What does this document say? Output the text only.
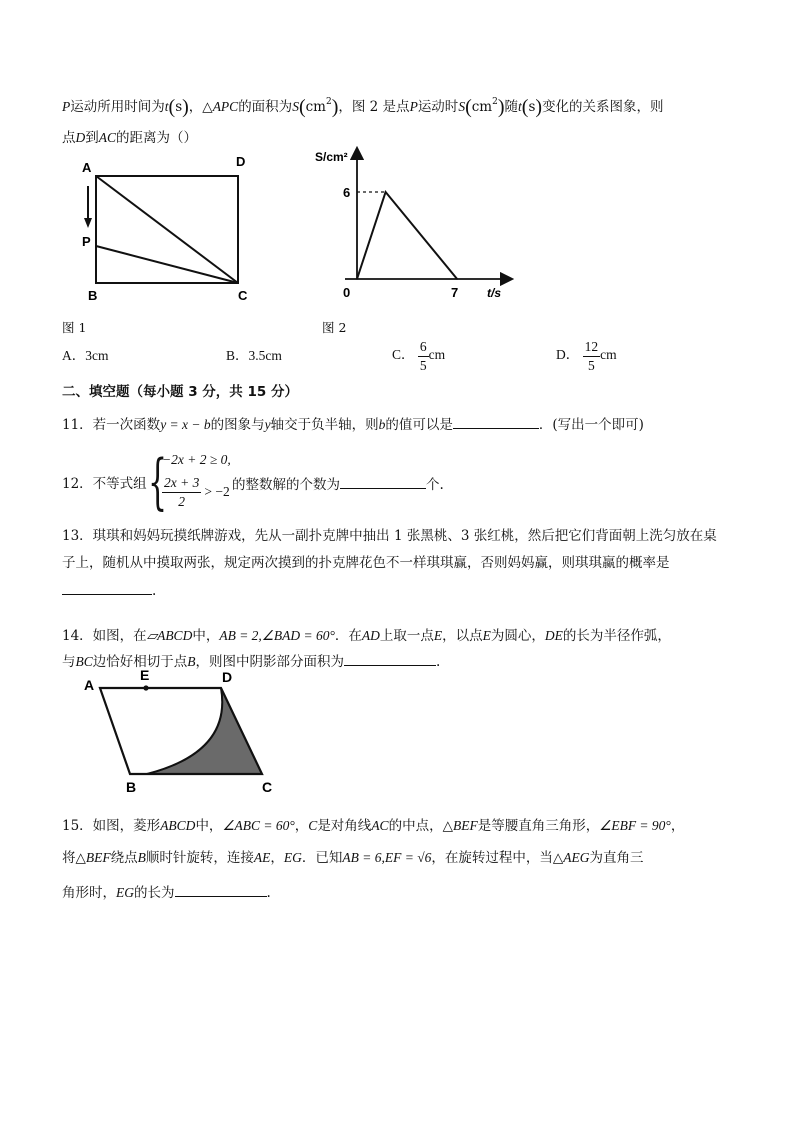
P运动所用时间为t(s)，△APC的面积为$S(cm^2)$，图 2 是点P运动时$S(cm^2)$随t(s)变化的关系图象，则
点D到AC的距离为（）
A	D
P
B	C
图 1
S/cm²
t/s
0
6
7
图 2
A．3cm	B．3.5cm	C． $\frac{6}{5}$ cm	D． $\frac{12}{5}$ cm
二、填空题（每小题 3 分，共 15 分）
11．若一次函数y = x − b的图象与y轴交于负半轴，则b的值可以是	．(写出一个即可)
12．不等式组 {
−2x + 2 ≥ 0,
$\frac{2x + 3}{2} > -2$ 的整数解的个数为	个.
13．琪琪和妈妈玩摸纸牌游戏，先从一副扑克牌中抽出 1 张黑桃、3 张红桃，然后把它们背面朝上洗匀放在桌
子上，随机从中摸取两张，规定两次摸到的扑克牌花色不一样琪琪赢，否则妈妈赢，则琪琪赢的概率是
.
14．如图，在▱ABCD中，AB = 2,∠BAD = 60°．在AD上取一点E，以点E为圆心，DE的长为半径作弧，
与BC边恰好相切于点B，则图中阴影部分面积为	.
A
E	D
B	C
15．如图，菱形ABCD中，∠ABC = 60°，C是对角线AC的中点，△BEF是等腰直角三角形，∠EBF = 90°，
将△BEF绕点B顺时针旋转，连接AE，EG．已知AB = 6,EF = √6，在旋转过程中，当△AEG为直角三
角形时，EG的长为	.
